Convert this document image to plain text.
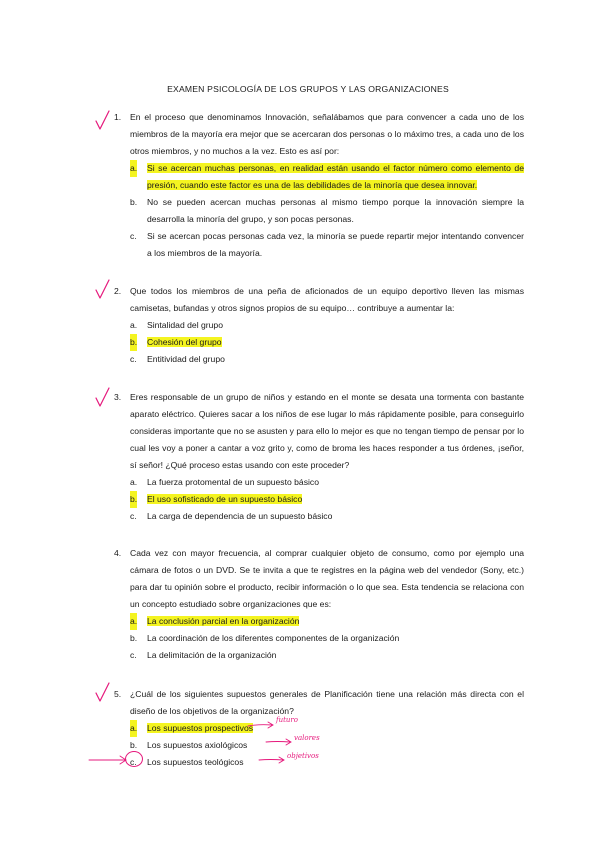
EXAMEN PSICOLOGÍA DE LOS GRUPOS Y LAS ORGANIZACIONES
1. En el proceso que denominamos Innovación, señalábamos que para convencer a cada uno de los miembros de la mayoría era mejor que se acercaran dos personas o lo máximo tres, a cada uno de los otros miembros, y no muchos a la vez. Esto es así por:
a. Si se acercan muchas personas, en realidad están usando el factor número como elemento de presión, cuando este factor es una de las debilidades de la minoría que desea innovar.
b. No se pueden acercan muchas personas al mismo tiempo porque la innovación siempre la desarrolla la minoría del grupo, y son pocas personas.
c. Si se acercan pocas personas cada vez, la minoría se puede repartir mejor intentando convencer a los miembros de la mayoría.
2. Que todos los miembros de una peña de aficionados de un equipo deportivo lleven las mismas camisetas, bufandas y otros signos propios de su equipo… contribuye a aumentar la:
a. Sintalidad del grupo
b. Cohesión del grupo
c. Entitividad del grupo
3. Eres responsable de un grupo de niños y estando en el monte se desata una tormenta con bastante aparato eléctrico. Quieres sacar a los niños de ese lugar lo más rápidamente posible, para conseguirlo consideras importante que no se asusten y para ello lo mejor es que no tengan tiempo de pensar por lo cual les voy a poner a cantar a voz grito y, como de broma les haces responder a tus órdenes, ¡señor, sí señor! ¿Qué proceso estas usando con este proceder?
a. La fuerza protomental de un supuesto básico
b. El uso sofisticado de un supuesto básico
c. La carga de dependencia de un supuesto básico
4. Cada vez con mayor frecuencia, al comprar cualquier objeto de consumo, como por ejemplo una cámara de fotos o un DVD. Se te invita a que te registres en la página web del vendedor (Sony, etc.) para dar tu opinión sobre el producto, recibir información o lo que sea. Esta tendencia se relaciona con un concepto estudiado sobre organizaciones que es:
a. La conclusión parcial en la organización
b. La coordinación de los diferentes componentes de la organización
c. La delimitación de la organización
5. ¿Cuál de los siguientes supuestos generales de Planificación tiene una relación más directa con el diseño de los objetivos de la organización?
a. Los supuestos prospectivos
b. Los supuestos axiológicos
c. Los supuestos teológicos
futuro
valores
objetivos
